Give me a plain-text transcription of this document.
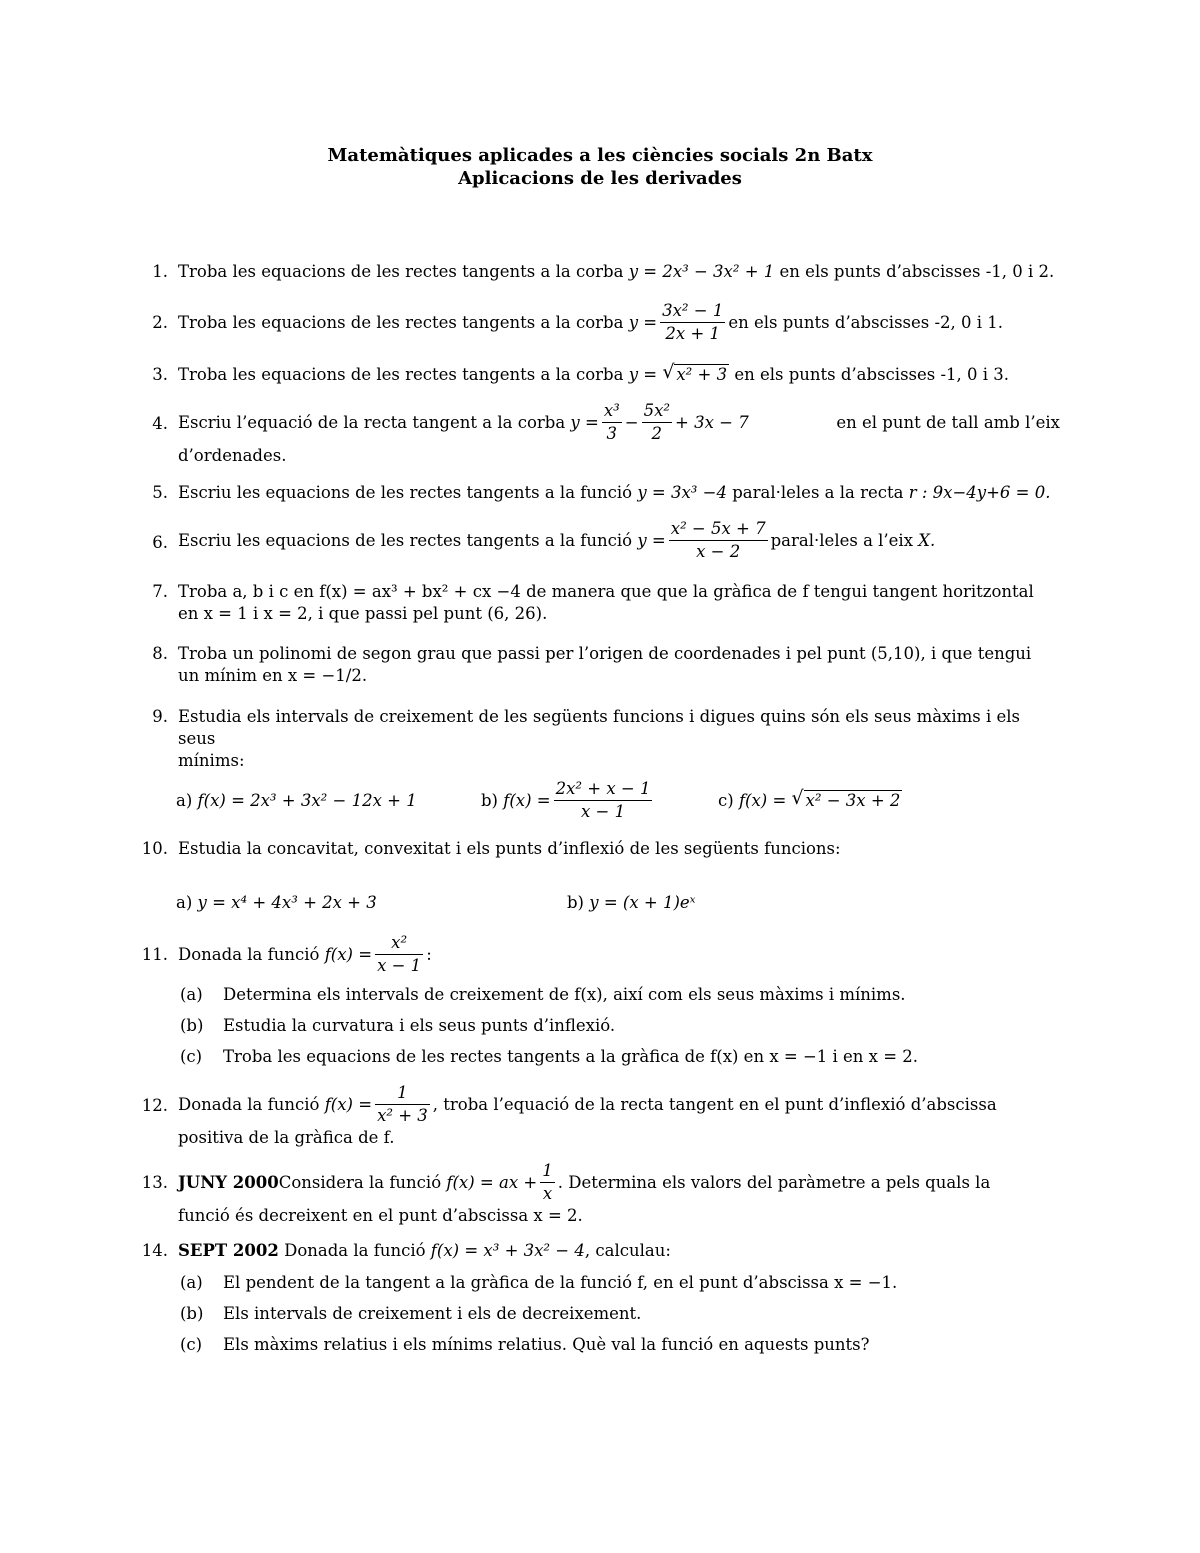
Matemàtiques aplicades a les ciències socials 2n Batx
Aplicacions de les derivades
1. Troba les equacions de les rectes tangents a la corba y = 2x³ − 3x² + 1 en els punts d’abscisses -1, 0 i 2.
2. Troba les equacions de les rectes tangents a la corba
$y = \frac{\text{3x² − 1}}{2x + 1}$ en els punts d’abscisses -2, 0 i 1.
3. Troba les equacions de les rectes tangents a la corba y = √ x² + 3 en els punts d’abscisses -1, 0 i 3.
4. Escriu l’equació de la recta tangent a la corba
$y = \frac{\text{x³}}{3} - \frac{\text{5x²}}{2} + 3x - 7$	en el punt de tall amb l’eix
d’ordenades.
5. Escriu les equacions de les rectes tangents a la funció y = 3x³ −4 paral·leles a la recta r : 9x−4y+6 = 0.
6. Escriu les equacions de les rectes tangents a la funció
$y = \frac{\text{x² − 5x + 7}}{x - 2}$ paral·leles a l’eix
X.
7. Troba a, b i c en f(x) = ax³ + bx² + cx −4 de manera que que la gràfica de f tengui tangent horitzontal
en x = 1 i x = 2, i que passi pel punt (6, 26).
8. Troba un polinomi de segon grau que passi per l’origen de coordenades i pel punt (5,10), i que tengui
un mínim en x = −1/2.
9. Estudia els intervals de creixement de les següents funcions i digues quins són els seus màxims i els seus
mínims:
a) f(x) = 2x³ + 3x² − 12x + 1	b)
$f(x) = \frac{\text{2x² + x − 1}}{x - 1}$	c) f(x) = √ x² − 3x + 2
10. Estudia la concavitat, convexitat i els punts d’inflexió de les següents funcions:
a) y = x⁴ + 4x³ + 2x + 3	b) y = (x + 1)eˣ
11. Donada la funció
$f(x) = \frac{\text{x²}}{x - 1}$ :
(a) Determina els intervals de creixement de f(x), així com els seus màxims i mínims.
(b) Estudia la curvatura i els seus punts d’inflexió.
(c) Troba les equacions de les rectes tangents a la gràfica de f(x) en x = −1 i en x = 2.
12. Donada la funció
$f(x) = \frac{1}{\text{x² + 3}}$ , troba l’equació de la recta tangent en el punt d’inflexió d’abscissa
positiva de la gràfica de f.
13. JUNY 2000 Considera la funció
f(x) = ax + $\frac{1}{x}$ . Determina els valors del paràmetre a pels quals la
funció és decreixent en el punt d’abscissa x = 2.
14. SEPT 2002 Donada la funció f(x) = x³ + 3x² − 4, calculau:
(a) El pendent de la tangent a la gràfica de la funció f, en el punt d’abscissa x = −1.
(b) Els intervals de creixement i els de decreixement.
(c) Els màxims relatius i els mínims relatius. Què val la funció en aquests punts?
